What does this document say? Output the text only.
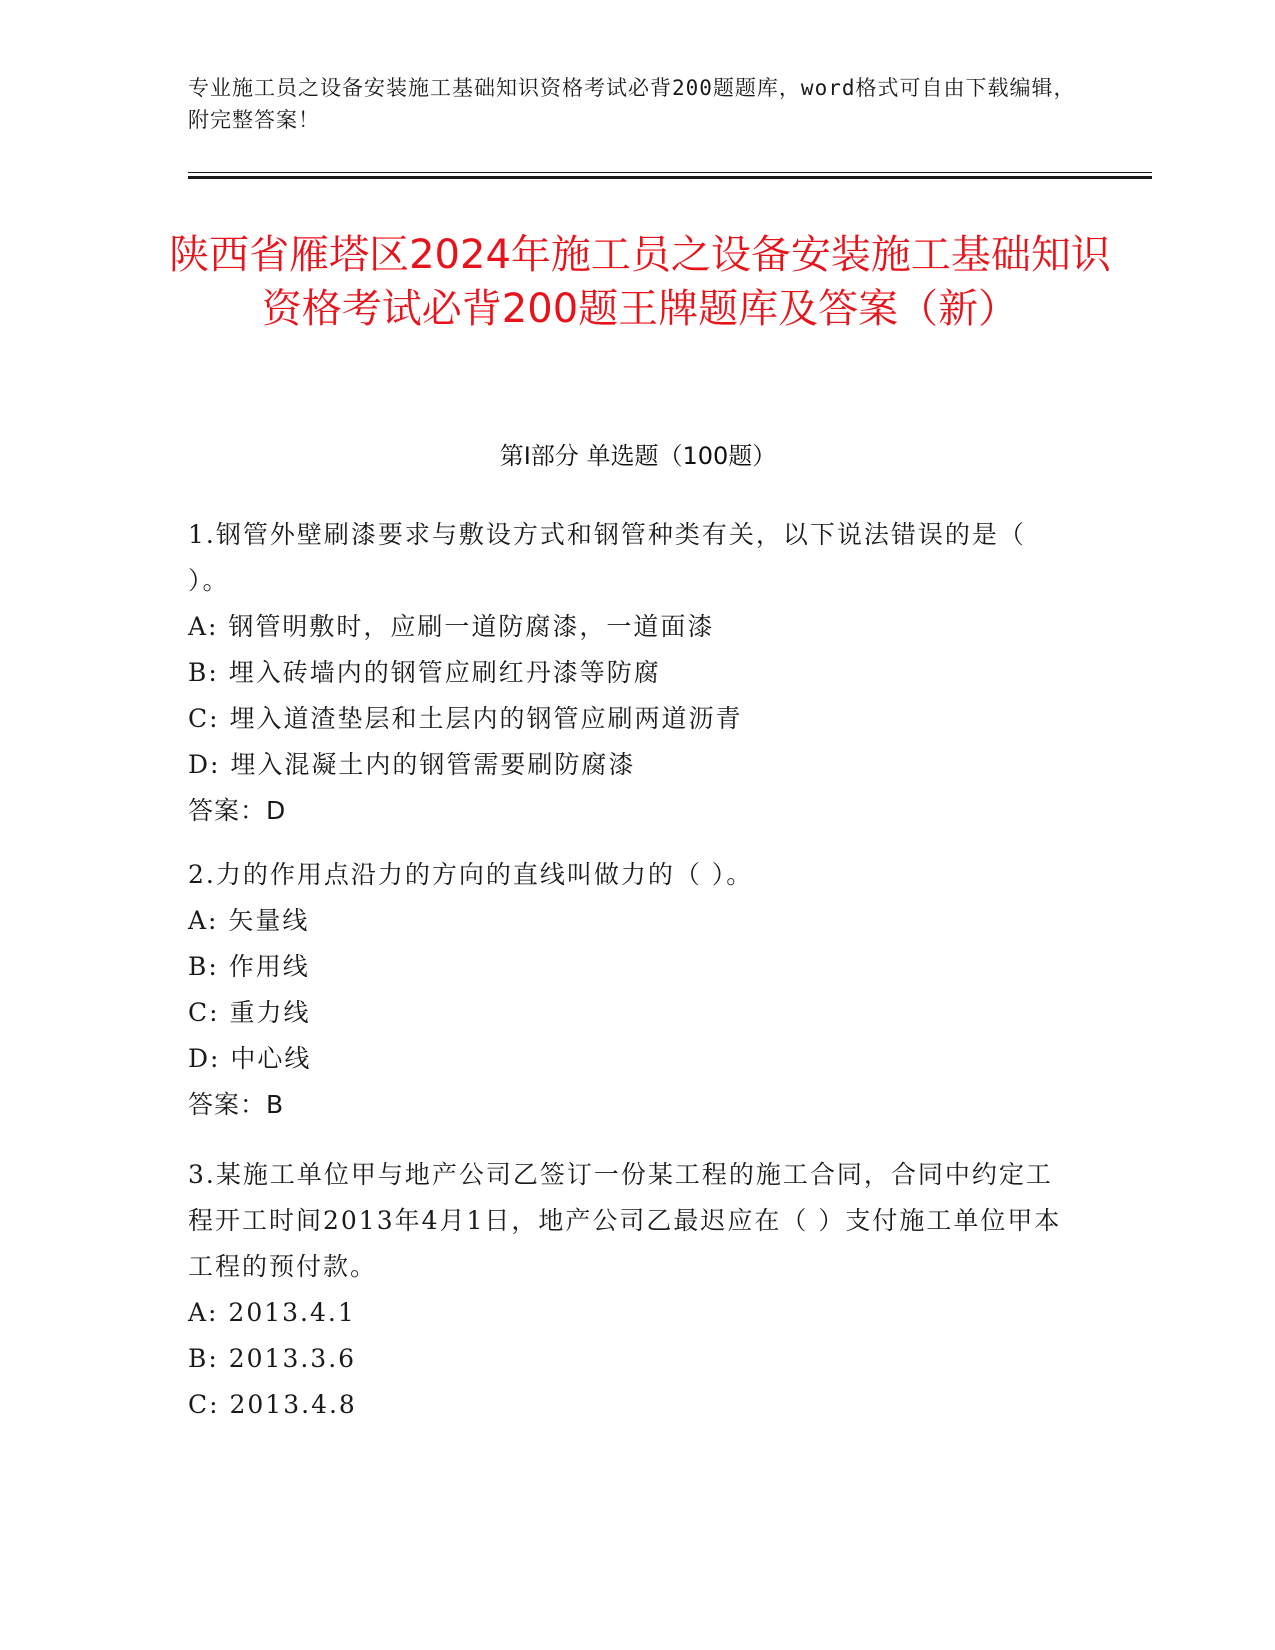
专业施工员之设备安装施工基础知识资格考试必背200题题库，word格式可自由下载编辑，附完整答案！
陕西省雁塔区2024年施工员之设备安装施工基础知识资格考试必背200题王牌题库及答案（新）
第I部分 单选题（100题）
1.钢管外壁刷漆要求与敷设方式和钢管种类有关，以下说法错误的是（ ）。
A: 钢管明敷时，应刷一道防腐漆，一道面漆
B: 埋入砖墙内的钢管应刷红丹漆等防腐
C: 埋入道渣垫层和土层内的钢管应刷两道沥青
D: 埋入混凝土内的钢管需要刷防腐漆
答案：D
2.力的作用点沿力的方向的直线叫做力的（ ）。
A: 矢量线
B: 作用线
C: 重力线
D: 中心线
答案：B
3.某施工单位甲与地产公司乙签订一份某工程的施工合同，合同中约定工程开工时间2013年4月1日，地产公司乙最迟应在（ ）支付施工单位甲本工程的预付款。
A: 2013.4.1
B: 2013.3.6
C: 2013.4.8
